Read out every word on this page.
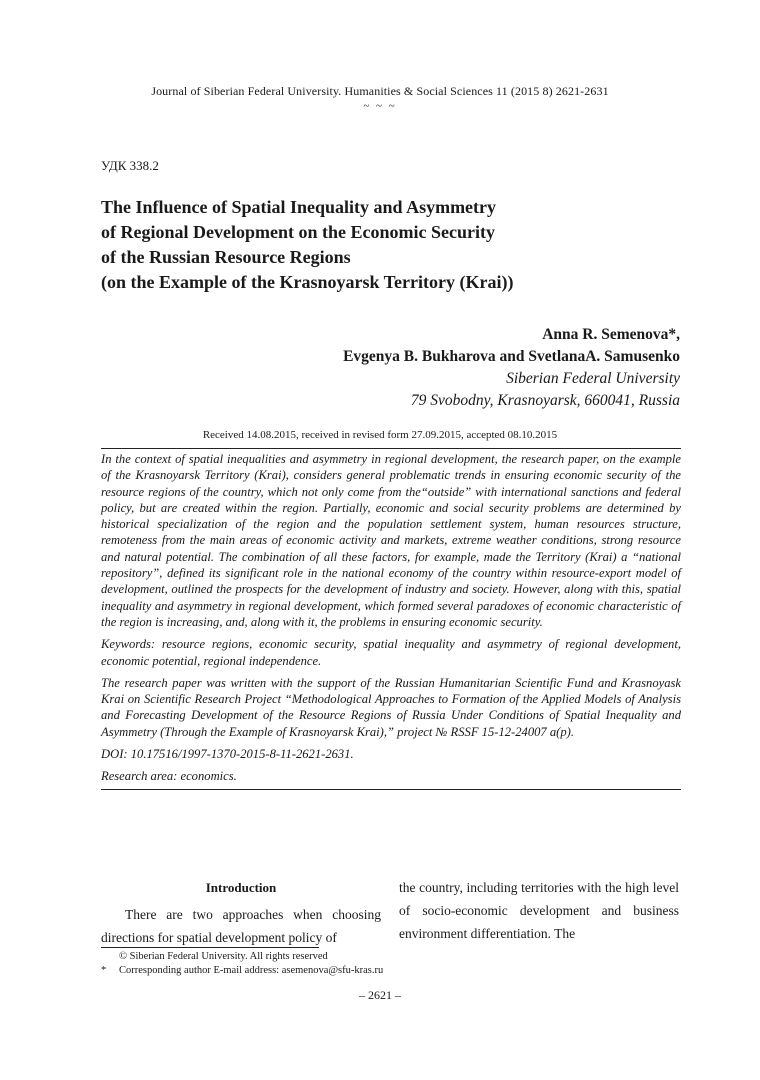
Journal of Siberian Federal University. Humanities & Social Sciences 11 (2015 8) 2621-2631
~ ~ ~
УДК 338.2
The Influence of Spatial Inequality and Asymmetry
of Regional Development on the Economic Security
of the Russian Resource Regions
(on the Example of the Krasnoyarsk Territory (Krai))
Anna R. Semenova*,
Evgenya B. Bukharova and SvetlanaA. Samusenko
Siberian Federal University
79 Svobodny, Krasnoyarsk, 660041, Russia
Received 14.08.2015, received in revised form 27.09.2015, accepted 08.10.2015

In the context of spatial inequalities and asymmetry in regional development, the research paper, on the example of the Krasnoyarsk Territory (Krai), considers general problematic trends in ensuring economic security of the resource regions of the country, which not only come from the“outside” with international sanctions and federal policy, but are created within the region. Partially, economic and social security problems are determined by historical specialization of the region and the population settlement system, human resources structure, remoteness from the main areas of economic activity and markets, extreme weather conditions, strong resource and natural potential. The combination of all these factors, for example, made the Territory (Krai) a “national repository”, defined its significant role in the national economy of the country within resource-export model of development, outlined the prospects for the development of industry and society. However, along with this, spatial inequality and asymmetry in regional development, which formed several paradoxes of economic characteristic of the region is increasing, and, along with it, the problems in ensuring economic security.

Keywords: resource regions, economic security, spatial inequality and asymmetry of regional development, economic potential, regional independence.

The research paper was written with the support of the Russian Humanitarian Scientific Fund and Krasnoyask Krai on Scientific Research Project “Methodological Approaches to Formation of the Applied Models of Analysis and Forecasting Development of the Resource Regions of Russia Under Conditions of Spatial Inequality and Asymmetry (Through the Example of Krasnoyarsk Krai),” project № RSSF 15-12-24007 a(p).

DOI: 10.17516/1997-1370-2015-8-11-2621-2631.

Research area: economics.

Introduction
There are two approaches when choosing directions for spatial development policy of
the country, including territories with the high level of socio-economic development and business environment differentiation. The
© Siberian Federal University. All rights reserved
*	Corresponding author E-mail address: asemenova@sfu-kras.ru
– 2621 –
